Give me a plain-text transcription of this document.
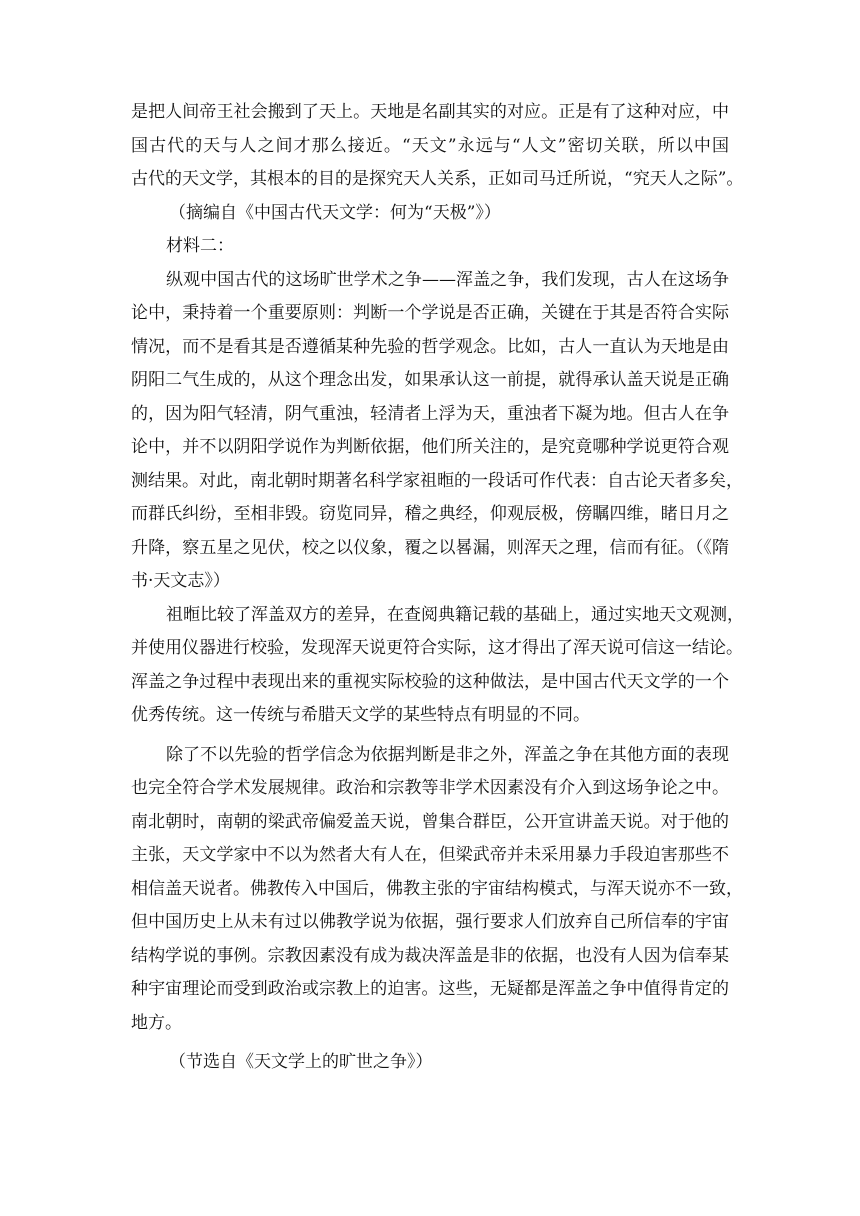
是把人间帝王社会搬到了天上。天地是名副其实的对应。正是有了这种对应，中

国古代的天与人之间才那么接近。“天文”永远与“人文”密切关联，所以中国

古代的天文学，其根本的目的是探究天人关系，正如司马迁所说，“究天人之际”。

（摘编自《中国古代天文学：何为“天极”》）

材料二：

纵观中国古代的这场旷世学术之争——浑盖之争，我们发现，古人在这场争

论中，秉持着一个重要原则：判断一个学说是否正确，关键在于其是否符合实际

情况，而不是看其是否遵循某种先验的哲学观念。比如，古人一直认为天地是由

阴阳二气生成的，从这个理念出发，如果承认这一前提，就得承认盖天说是正确

的，因为阳气轻清，阴气重浊，轻清者上浮为天，重浊者下凝为地。但古人在争

论中，并不以阴阳学说作为判断依据，他们所关注的，是究竟哪种学说更符合观

测结果。对此，南北朝时期著名科学家祖暅的一段话可作代表：自古论天者多矣，

而群氏纠纷，至相非毁。窃览同异，稽之典经，仰观辰极，傍瞩四维，睹日月之

升降，察五星之见伏，校之以仪象，覆之以晷漏，则浑天之理，信而有征。（《隋

书·天文志》）

祖暅比较了浑盖双方的差异，在查阅典籍记载的基础上，通过实地天文观测，

并使用仪器进行校验，发现浑天说更符合实际，这才得出了浑天说可信这一结论。

浑盖之争过程中表现出来的重视实际校验的这种做法，是中国古代天文学的一个

优秀传统。这一传统与希腊天文学的某些特点有明显的不同。

除了不以先验的哲学信念为依据判断是非之外，浑盖之争在其他方面的表现

也完全符合学术发展规律。政治和宗教等非学术因素没有介入到这场争论之中。

南北朝时，南朝的梁武帝偏爱盖天说，曾集合群臣，公开宣讲盖天说。对于他的

主张，天文学家中不以为然者大有人在，但梁武帝并未采用暴力手段迫害那些不

相信盖天说者。佛教传入中国后，佛教主张的宇宙结构模式，与浑天说亦不一致，

但中国历史上从未有过以佛教学说为依据，强行要求人们放弃自己所信奉的宇宙

结构学说的事例。宗教因素没有成为裁决浑盖是非的依据，也没有人因为信奉某

种宇宙理论而受到政治或宗教上的迫害。这些，无疑都是浑盖之争中值得肯定的

地方。

（节选自《天文学上的旷世之争》）
